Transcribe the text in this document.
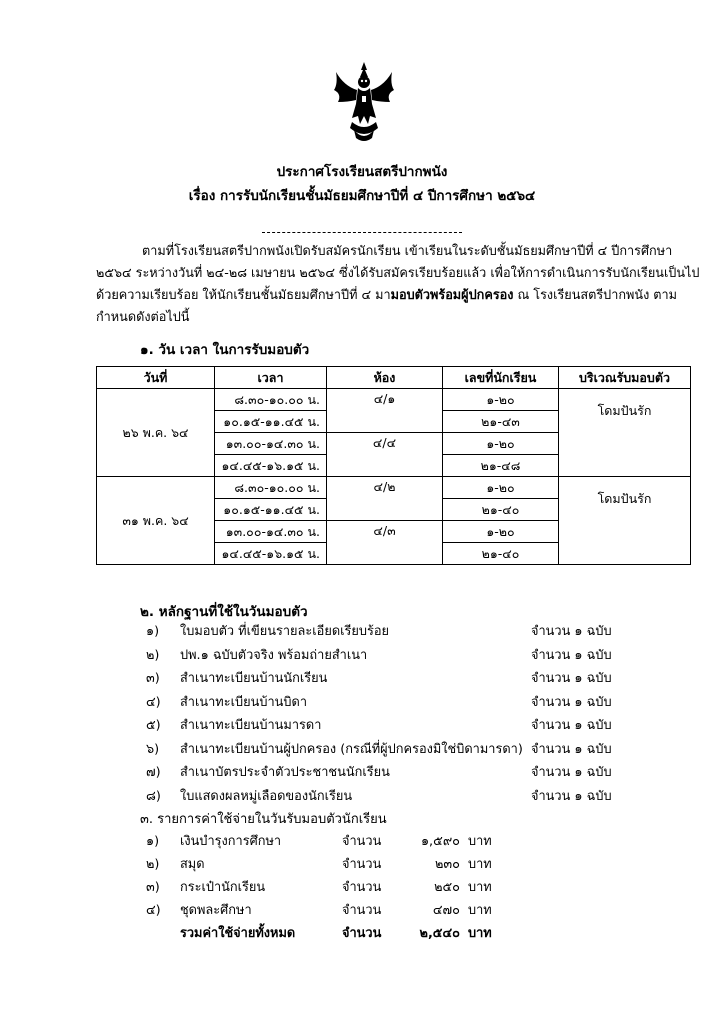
ประกาศโรงเรียนสตรีปากพนัง
เรื่อง การรับนักเรียนชั้นมัธยมศึกษาปีที่ ๔ ปีการศึกษา ๒๕๖๔

ตามที่โรงเรียนสตรีปากพนังเปิดรับสมัครนักเรียน เข้าเรียนในระดับชั้นมัธยมศึกษาปีที่ ๔ ปีการศึกษา

๒๕๖๔ ระหว่างวันที่ ๒๔-๒๘ เมษายน ๒๕๖๔ ซึ่งได้รับสมัครเรียบร้อยแล้ว เพื่อให้การดำเนินการรับนักเรียนเป็นไป

ด้วยความเรียบร้อย ให้นักเรียนชั้นมัธยมศึกษาปีที่ ๔ มามอบตัวพร้อมผู้ปกครอง ณ โรงเรียนสตรีปากพนัง ตาม

กำหนดดังต่อไปนี้

๑. วัน เวลา ในการรับมอบตัว
วันที่	เวลา	ห้อง	เลขที่นักเรียน	บริเวณรับมอบตัว
๒๖ พ.ค. ๖๔	๘.๓๐-๑๐.๐๐ น.	๔/๑	๑-๒๐	โดมปันรัก
	๑๐.๑๕-๑๑.๔๕ น.		๒๑-๔๓	
	๑๓.๐๐-๑๔.๓๐ น.	๔/๔	๑-๒๐	
	๑๔.๔๕-๑๖.๑๕ น.		๒๑-๔๘	
๓๑ พ.ค. ๖๔	๘.๓๐-๑๐.๐๐ น.	๔/๒	๑-๒๐	โดมปันรัก
	๑๐.๑๕-๑๑.๔๕ น.		๒๑-๔๐	
	๑๓.๐๐-๑๔.๓๐ น.	๔/๓	๑-๒๐	
	๑๔.๔๕-๑๖.๑๕ น.		๒๑-๔๐	
๒. หลักฐานที่ใช้ในวันมอบตัว
๑) ใบมอบตัว ที่เขียนรายละเอียดเรียบร้อย	จำนวน ๑ ฉบับ
๒) ปพ.๑ ฉบับตัวจริง พร้อมถ่ายสำเนา	จำนวน ๑ ฉบับ
๓) สำเนาทะเบียนบ้านนักเรียน	จำนวน ๑ ฉบับ
๔) สำเนาทะเบียนบ้านบิดา	จำนวน ๑ ฉบับ
๕) สำเนาทะเบียนบ้านมารดา	จำนวน ๑ ฉบับ
๖) สำเนาทะเบียนบ้านผู้ปกครอง (กรณีที่ผู้ปกครองมิใช่บิดามารดา) จำนวน ๑ ฉบับ
๗) สำเนาบัตรประจำตัวประชาชนนักเรียน	จำนวน ๑ ฉบับ
๘) ใบแสดงผลหมู่เลือดของนักเรียน	จำนวน ๑ ฉบับ
๓. รายการค่าใช้จ่ายในวันรับมอบตัวนักเรียน
๑) เงินบำรุงการศึกษา	จำนวน	๑,๕๙๐ บาท
๒) สมุด	จำนวน	๒๓๐ บาท
๓) กระเป๋านักเรียน	จำนวน	๒๕๐ บาท
๔) ชุดพละศึกษา	จำนวน	๔๗๐ บาท
รวมค่าใช้จ่ายทั้งหมด	จำนวน	๒,๕๔๐ บาท
